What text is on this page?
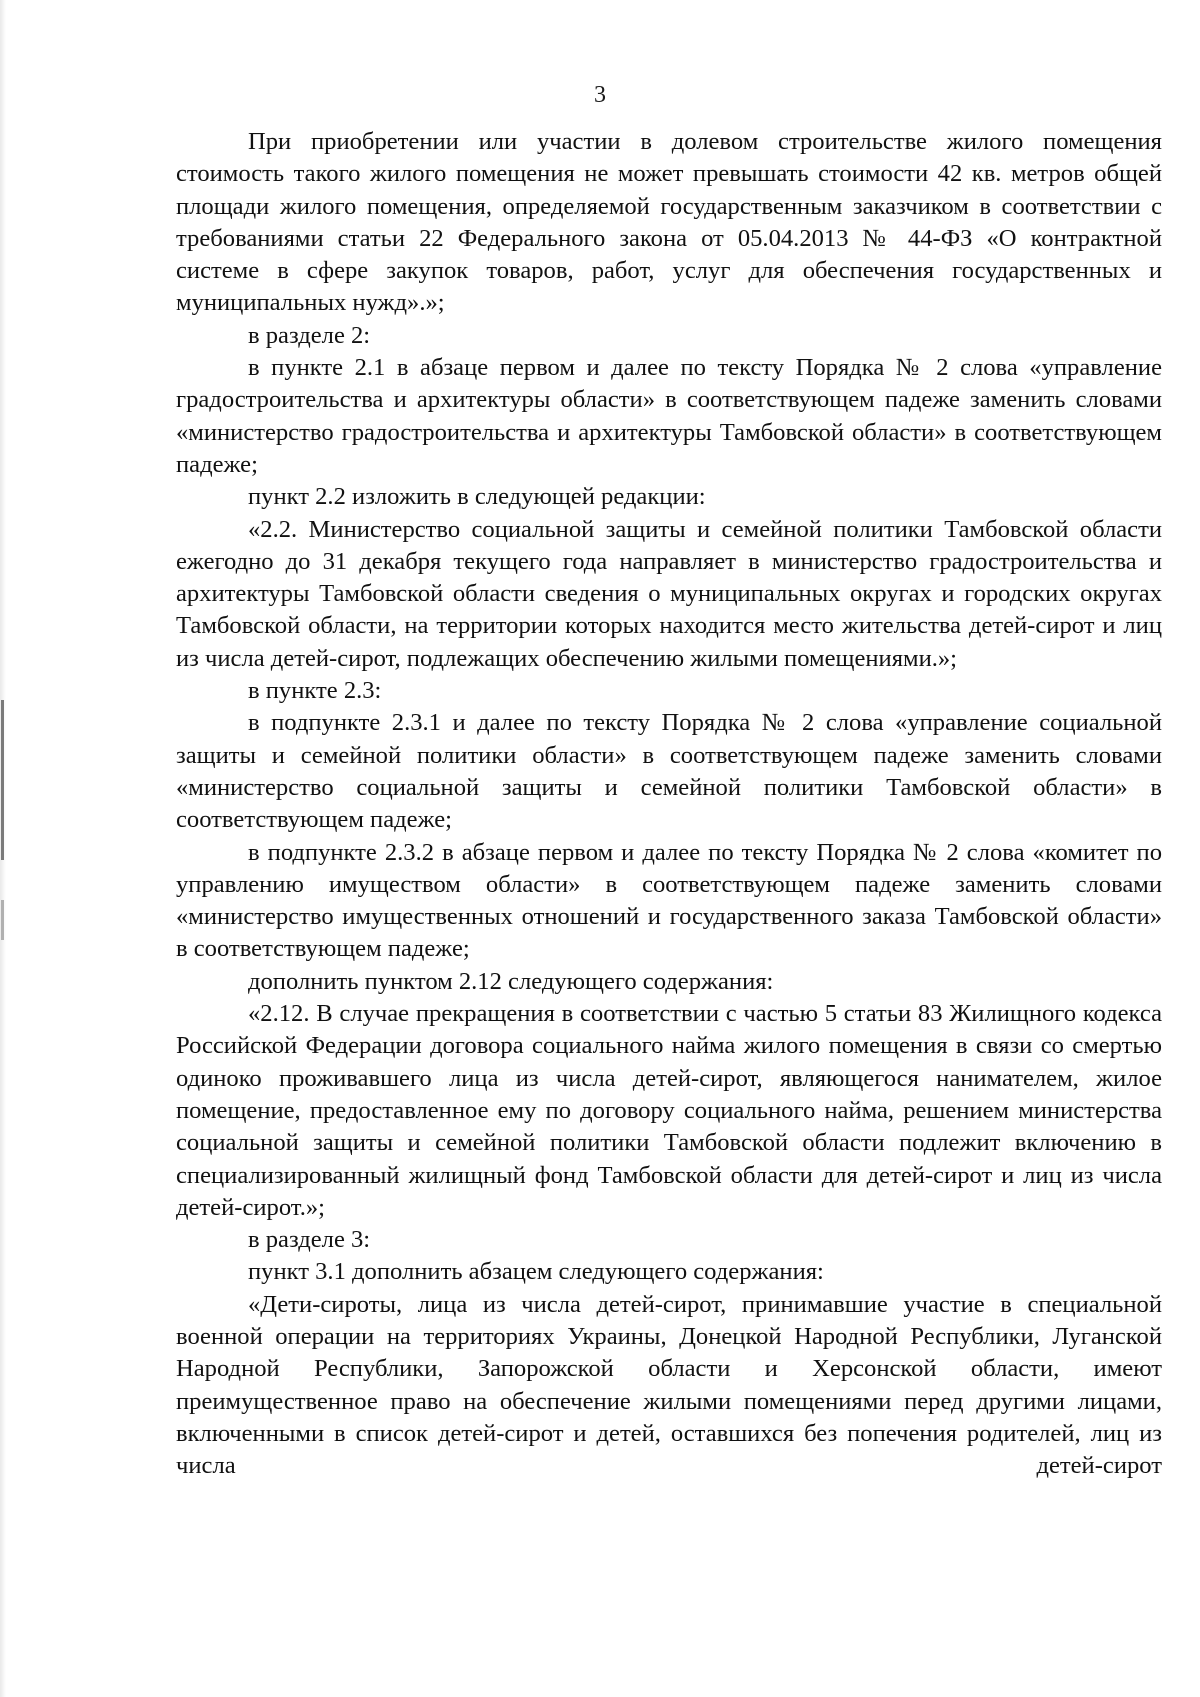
3

При приобретении или участии в долевом строительстве жилого помещения стоимость такого жилого помещения не может превышать стоимости 42 кв. метров общей площади жилого помещения, определяемой государственным заказчиком в соответствии с требованиями статьи 22 Федерального закона от 05.04.2013 № 44-ФЗ «О контрактной системе в сфере закупок товаров, работ, услуг для обеспечения государственных и муниципальных нужд».»;

в разделе 2:

в пункте 2.1 в абзаце первом и далее по тексту Порядка № 2 слова «управление градостроительства и архитектуры области» в соответствующем падеже заменить словами «министерство градостроительства и архитектуры Тамбовской области» в соответствующем падеже;

пункт 2.2 изложить в следующей редакции:

«2.2. Министерство социальной защиты и семейной политики Тамбовской области ежегодно до 31 декабря текущего года направляет в министерство градостроительства и архитектуры Тамбовской области сведения о муниципальных округах и городских округах Тамбовской области, на территории которых находится место жительства детей-сирот и лиц из числа детей-сирот, подлежащих обеспечению жилыми помещениями.»;

в пункте 2.3:

в подпункте 2.3.1 и далее по тексту Порядка № 2 слова «управление социальной защиты и семейной политики области» в соответствующем падеже заменить словами «министерство социальной защиты и семейной политики Тамбовской области» в соответствующем падеже;

в подпункте 2.3.2 в абзаце первом и далее по тексту Порядка № 2 слова «комитет по управлению имуществом области» в соответствующем падеже заменить словами «министерство имущественных отношений и государственного заказа Тамбовской области» в соответствующем падеже;

дополнить пунктом 2.12 следующего содержания:

«2.12. В случае прекращения в соответствии с частью 5 статьи 83 Жилищного кодекса Российской Федерации договора социального найма жилого помещения в связи со смертью одиноко проживавшего лица из числа детей-сирот, являющегося нанимателем, жилое помещение, предоставленное ему по договору социального найма, решением министерства социальной защиты и семейной политики Тамбовской области подлежит включению в специализированный жилищный фонд Тамбовской области для детей-сирот и лиц из числа детей-сирот.»;

в разделе 3:

пункт 3.1 дополнить абзацем следующего содержания:

«Дети-сироты, лица из числа детей-сирот, принимавшие участие в специальной военной операции на территориях Украины, Донецкой Народной Республики, Луганской Народной Республики, Запорожской области и Херсонской области, имеют преимущественное право на обеспечение жилыми помещениями перед другими лицами, включенными в список детей-сирот и детей, оставшихся без попечения родителей, лиц из числа детей-сирот
